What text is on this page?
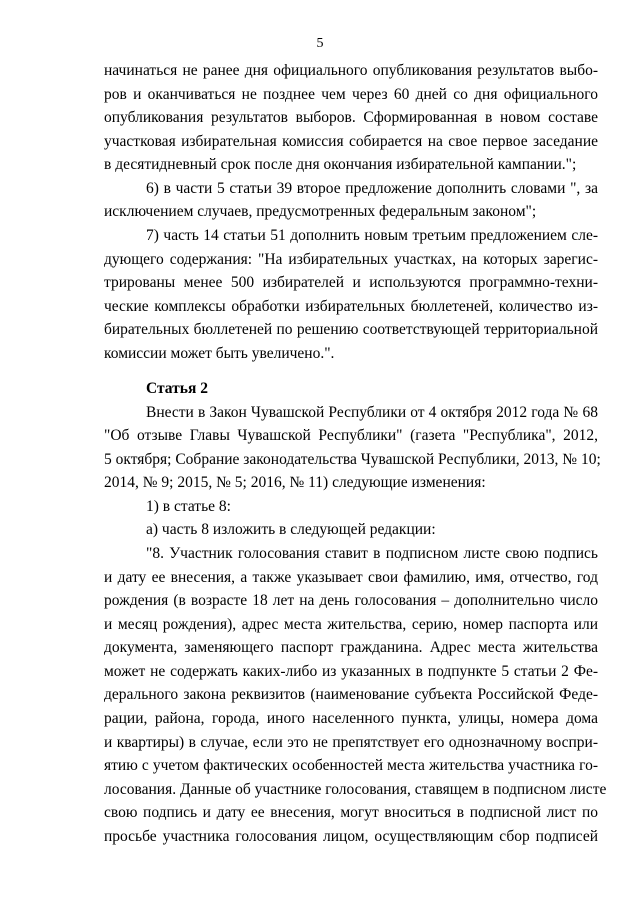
5
начинаться не ранее дня официального опубликования результатов выбо-
ров и оканчиваться не позднее чем через 60 дней со дня официального
опубликования результатов выборов. Сформированная в новом составе
участковая избирательная комиссия собирается на свое первое заседание
в десятидневный срок после дня окончания избирательной кампании.";
6) в части 5 статьи 39 второе предложение дополнить словами ", за
исключением случаев, предусмотренных федеральным законом";
7) часть 14 статьи 51 дополнить новым третьим предложением сле-
дующего содержания: "На избирательных участках, на которых зарегис-
трированы менее 500 избирателей и используются программно-техни-
ческие комплексы обработки избирательных бюллетеней, количество из-
бирательных бюллетеней по решению соответствующей территориальной
комиссии может быть увеличено.".
Статья 2
Внести в Закон Чувашской Республики от 4 октября 2012 года № 68
"Об отзыве Главы Чувашской Республики" (газета "Республика", 2012,
5 октября; Собрание законодательства Чувашской Республики, 2013, № 10;
2014, № 9; 2015, № 5; 2016, № 11) следующие изменения:
1) в статье 8:
а) часть 8 изложить в следующей редакции:
"8. Участник голосования ставит в подписном листе свою подпись
и дату ее внесения, а также указывает свои фамилию, имя, отчество, год
рождения (в возрасте 18 лет на день голосования – дополнительно число
и месяц рождения), адрес места жительства, серию, номер паспорта или
документа, заменяющего паспорт гражданина. Адрес места жительства
может не содержать каких-либо из указанных в подпункте 5 статьи 2 Фе-
дерального закона реквизитов (наименование субъекта Российской Феде-
рации, района, города, иного населенного пункта, улицы, номера дома
и квартиры) в случае, если это не препятствует его однозначному воспри-
ятию с учетом фактических особенностей места жительства участника го-
лосования. Данные об участнике голосования, ставящем в подписном листе
свою подпись и дату ее внесения, могут вноситься в подписной лист по
просьбе участника голосования лицом, осуществляющим сбор подписей
